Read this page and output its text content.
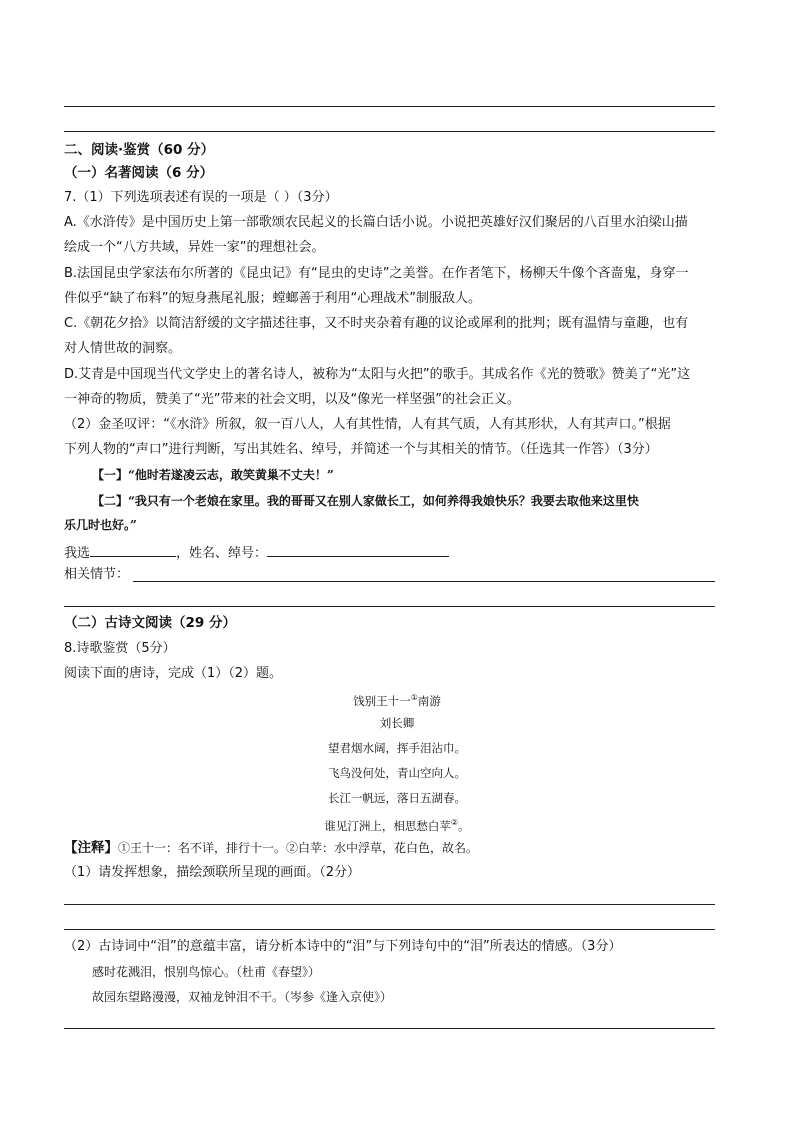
二、阅读·鉴赏（60 分）
（一）名著阅读（6 分）
7.（1）下列选项表述有误的一项是（ ）（3分）
A.《水浒传》是中国历史上第一部歌颂农民起义的长篇白话小说。小说把英雄好汉们聚居的八百里水泊梁山描
绘成一个“八方共域，异姓一家”的理想社会。
B.法国昆虫学家法布尔所著的《昆虫记》有“昆虫的史诗”之美誉。在作者笔下，杨柳天牛像个吝啬鬼，身穿一
件似乎“缺了布料”的短身燕尾礼服；螳螂善于利用“心理战术”制服敌人。
C.《朝花夕拾》以简洁舒缓的文字描述往事，又不时夹杂着有趣的议论或犀利的批判；既有温情与童趣，也有
对人情世故的洞察。
D.艾青是中国现当代文学史上的著名诗人，被称为“太阳与火把”的歌手。其成名作《光的赞歌》赞美了“光”这
一神奇的物质，赞美了“光”带来的社会文明，以及“像光一样坚强”的社会正义。
（2）金圣叹评：“《水浒》所叙，叙一百八人，人有其性情，人有其气质，人有其形状，人有其声口。”根据
下列人物的“声口”进行判断，写出其姓名、绰号，并简述一个与其相关的情节。（任选其一作答）（3分）
【一】“他时若遂凌云志，敢笑黄巢不丈夫！”
【二】“我只有一个老娘在家里。我的哥哥又在别人家做长工，如何养得我娘快乐？我要去取他来这里快
乐几时也好。”
我选	，姓名、绰号：
相关情节：
（二）古诗文阅读（29 分）
8.诗歌鉴赏（5分）
阅读下面的唐诗，完成（1）（2）题。
饯别王十一①南游
刘长卿
望君烟水阔，挥手泪沾巾。
飞鸟没何处，青山空向人。
长江一帆远，落日五湖春。
谁见汀洲上，相思愁白苹②。
【注释】①王十一：名不详，排行十一。②白苹：水中浮草，花白色，故名。
（1）请发挥想象，描绘颈联所呈现的画面。（2分）
（2）古诗词中“泪”的意蕴丰富，请分析本诗中的“泪”与下列诗句中的“泪”所表达的情感。（3分）
感时花溅泪，恨别鸟惊心。（杜甫《春望》）
故园东望路漫漫，双袖龙钟泪不干。（岑参《逢入京使》）
